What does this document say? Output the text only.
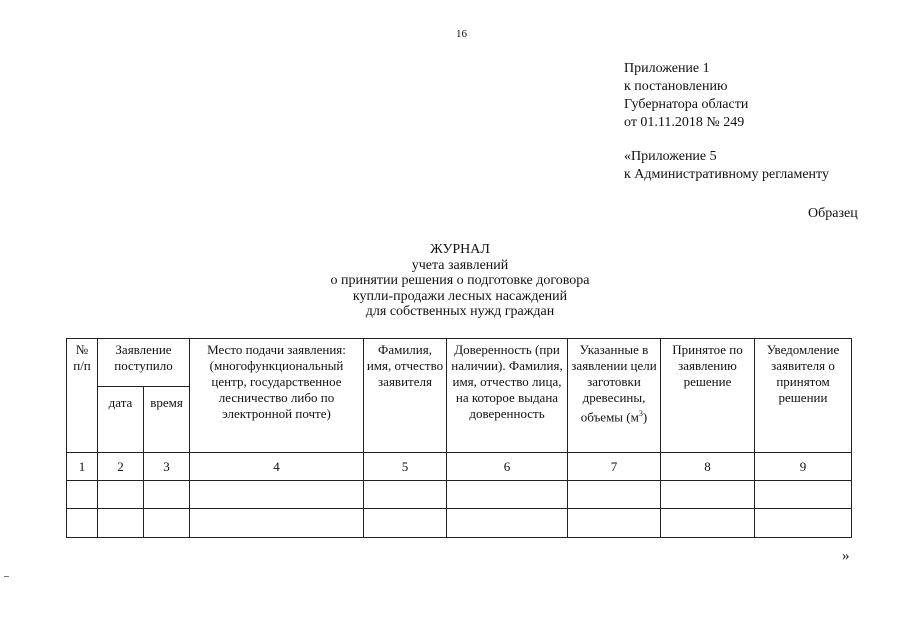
16
Приложение 1
к постановлению
Губернатора области
от 01.11.2018 № 249
«Приложение 5
к Административному регламенту
Образец
ЖУРНАЛ
учета заявлений
о принятии решения о подготовке договора
купли-продажи лесных насаждений
для собственных нужд граждан
№ п/п	Заявление поступило		Место подачи заявления: (многофункциональный центр, государственное лесничество либо по электронной почте)	Фамилия, имя, отчество заявителя	Доверенность (при наличии). Фамилия, имя, отчество лица, на которое выдана доверенность	Указанные в заявлении цели заготовки древесины, объемы $(м^3)$	Принятое по заявлению решение	Уведомление заявителя о принятом решении
	дата	время						
1	2	3	4	5	6	7	8	9

»
